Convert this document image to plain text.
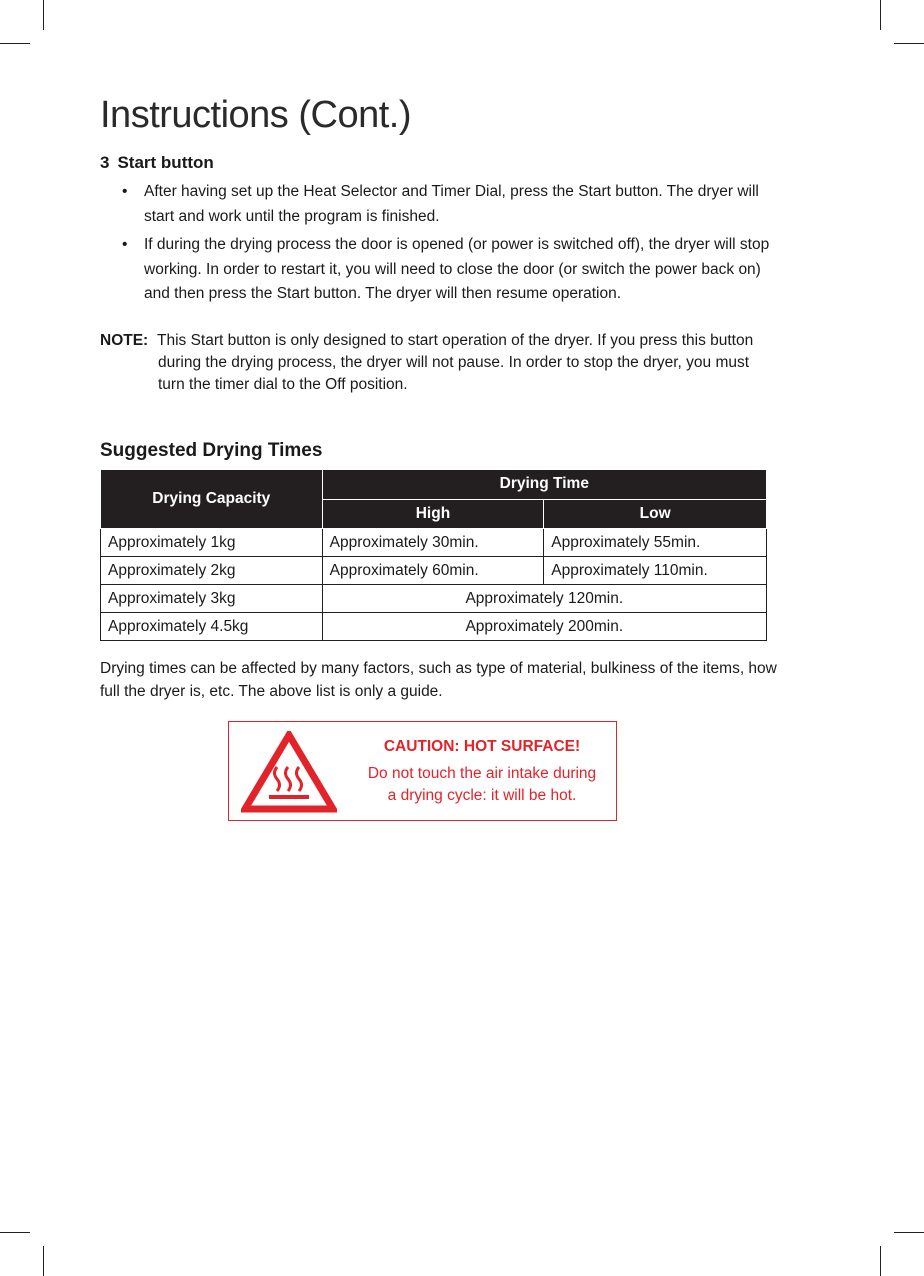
Instructions (Cont.)
3 Start button
• After having set up the Heat Selector and Timer Dial, press the Start button. The dryer will start and work until the program is finished.
• If during the drying process the door is opened (or power is switched off), the dryer will stop working. In order to restart it, you will need to close the door (or switch the power back on) and then press the Start button. The dryer will then resume operation.
NOTE: This Start button is only designed to start operation of the dryer. If you press this button during the drying process, the dryer will not pause. In order to stop the dryer, you must turn the timer dial to the Off position.
Suggested Drying Times
Drying Capacity	Drying Time	
	High	Low
Approximately 1kg	Approximately 30min.	Approximately 55min.
Approximately 2kg	Approximately 60min.	Approximately 110min.
Approximately 3kg	Approximately 120min.	
Approximately 4.5kg	Approximately 200min.	
Drying times can be affected by many factors, such as type of material, bulkiness of the items, how full the dryer is, etc. The above list is only a guide.
CAUTION: HOT SURFACE!
Do not touch the air intake during
a drying cycle: it will be hot.
